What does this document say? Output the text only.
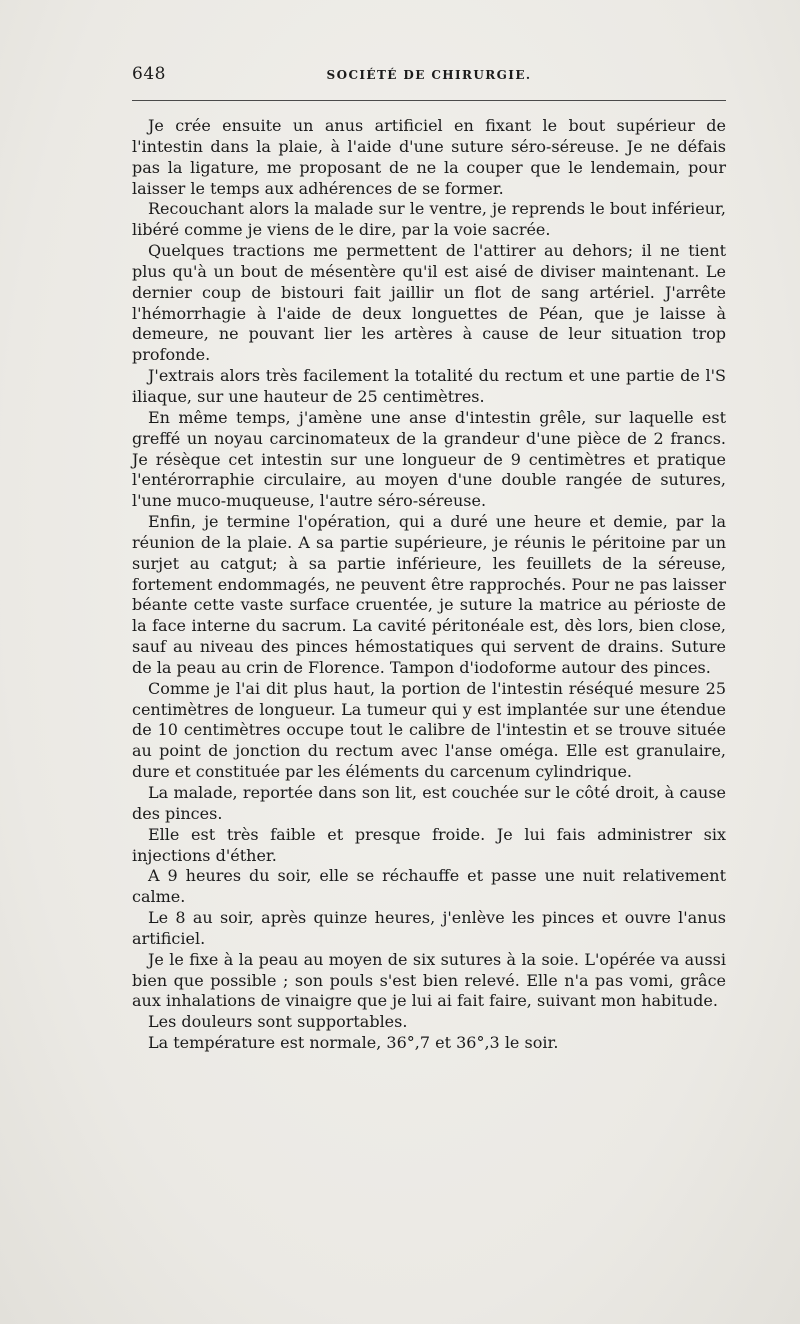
648	SOCIÉTÉ DE CHIRURGIE.

Je crée ensuite un anus artificiel en fixant le bout supérieur de l'intestin dans la plaie, à l'aide d'une suture séro-séreuse. Je ne défais pas la ligature, me proposant de ne la couper que le lendemain, pour laisser le temps aux adhérences de se former.

Recouchant alors la malade sur le ventre, je reprends le bout inférieur, libéré comme je viens de le dire, par la voie sacrée.

Quelques tractions me permettent de l'attirer au dehors; il ne tient plus qu'à un bout de mésentère qu'il est aisé de diviser maintenant. Le dernier coup de bistouri fait jaillir un flot de sang artériel. J'arrête l'hémorrhagie à l'aide de deux longuettes de Péan, que je laisse à demeure, ne pouvant lier les artères à cause de leur situation trop profonde.

J'extrais alors très facilement la totalité du rectum et une partie de l'S iliaque, sur une hauteur de 25 centimètres.

En même temps, j'amène une anse d'intestin grêle, sur laquelle est greffé un noyau carcinomateux de la grandeur d'une pièce de 2 francs. Je résèque cet intestin sur une longueur de 9 centimètres et pratique l'entérorraphie circulaire, au moyen d'une double rangée de sutures, l'une muco-muqueuse, l'autre séro-séreuse.

Enfin, je termine l'opération, qui a duré une heure et demie, par la réunion de la plaie. A sa partie supérieure, je réunis le péritoine par un surjet au catgut; à sa partie inférieure, les feuillets de la séreuse, fortement endommagés, ne peuvent être rapprochés. Pour ne pas laisser béante cette vaste surface cruentée, je suture la matrice au périoste de la face interne du sacrum. La cavité péritonéale est, dès lors, bien close, sauf au niveau des pinces hémostatiques qui servent de drains. Suture de la peau au crin de Florence. Tampon d'iodoforme autour des pinces.

Comme je l'ai dit plus haut, la portion de l'intestin réséqué mesure 25 centimètres de longueur. La tumeur qui y est implantée sur une étendue de 10 centimètres occupe tout le calibre de l'intestin et se trouve située au point de jonction du rectum avec l'anse oméga. Elle est granulaire, dure et constituée par les éléments du carcenum cylindrique.

La malade, reportée dans son lit, est couchée sur le côté droit, à cause des pinces.

Elle est très faible et presque froide. Je lui fais administrer six injections d'éther.

A 9 heures du soir, elle se réchauffe et passe une nuit relativement calme.

Le 8 au soir, après quinze heures, j'enlève les pinces et ouvre l'anus artificiel.

Je le fixe à la peau au moyen de six sutures à la soie. L'opérée va aussi bien que possible ; son pouls s'est bien relevé. Elle n'a pas vomi, grâce aux inhalations de vinaigre que je lui ai fait faire, suivant mon habitude.

Les douleurs sont supportables.

La température est normale, 36°,7 et 36°,3 le soir.
